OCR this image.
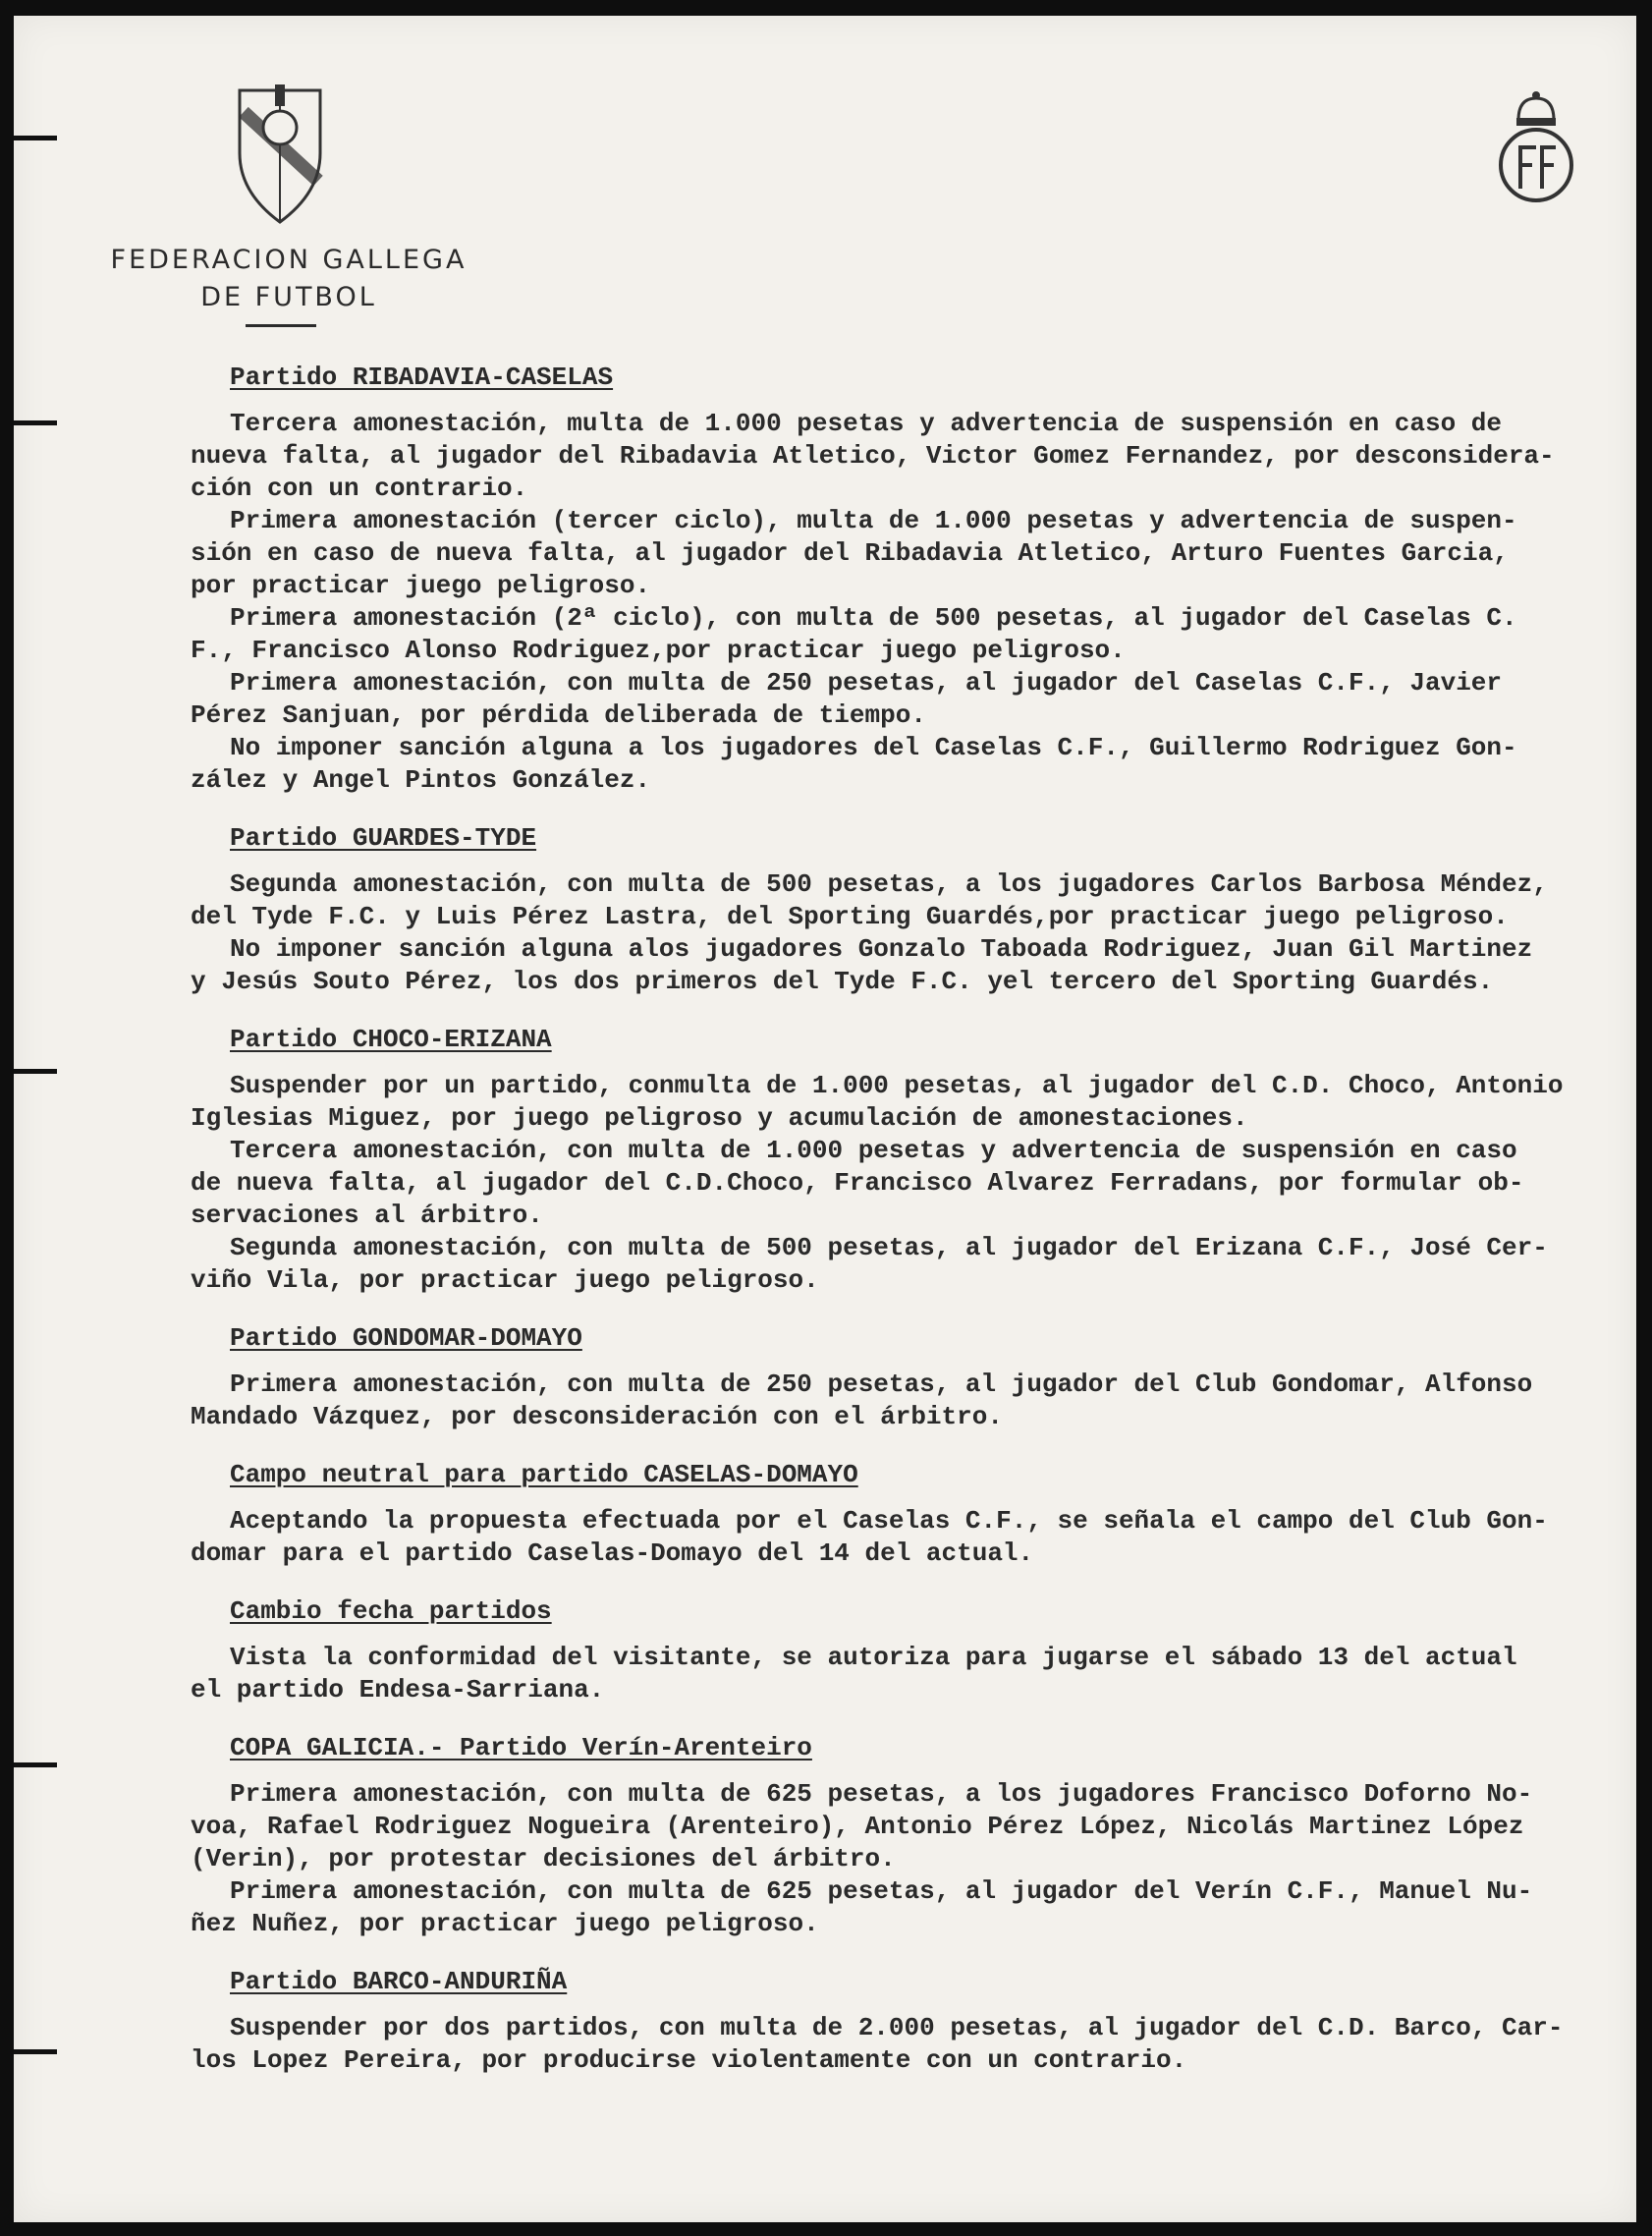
FEDERACION GALLEGA
DE FUTBOL
Partido RIBADAVIA-CASELAS

Tercera amonestación, multa de 1.000 pesetas y advertencia de suspensión en caso de
nueva falta, al jugador del Ribadavia Atletico, Victor Gomez Fernandez, por desconsidera-
ción con un contrario.

Primera amonestación (tercer ciclo), multa de 1.000 pesetas y advertencia de suspen-
sión en caso de nueva falta, al jugador del Ribadavia Atletico, Arturo Fuentes Garcia,
por practicar juego peligroso.

Primera amonestación (2ª ciclo), con multa de 500 pesetas, al jugador del Caselas C.
F., Francisco Alonso Rodriguez,por practicar juego peligroso.

Primera amonestación, con multa de 250 pesetas, al jugador del Caselas C.F., Javier
Pérez Sanjuan, por pérdida deliberada de tiempo.

No imponer sanción alguna a los jugadores del Caselas C.F., Guillermo Rodriguez Gon-
zález y Angel Pintos González.

Partido GUARDES-TYDE

Segunda amonestación, con multa de 500 pesetas, a los jugadores Carlos Barbosa Méndez,
del Tyde F.C. y Luis Pérez Lastra, del Sporting Guardés,por practicar juego peligroso.

No imponer sanción alguna alos jugadores Gonzalo Taboada Rodriguez, Juan Gil Martinez
y Jesús Souto Pérez, los dos primeros del Tyde F.C. yel tercero del Sporting Guardés.

Partido CHOCO-ERIZANA

Suspender por un partido, conmulta de 1.000 pesetas, al jugador del C.D. Choco, Antonio
Iglesias Miguez, por juego peligroso y acumulación de amonestaciones.

Tercera amonestación, con multa de 1.000 pesetas y advertencia de suspensión en caso
de nueva falta, al jugador del C.D.Choco, Francisco Alvarez Ferradans, por formular ob-
servaciones al árbitro.

Segunda amonestación, con multa de 500 pesetas, al jugador del Erizana C.F., José Cer-
viño Vila, por practicar juego peligroso.

Partido GONDOMAR-DOMAYO

Primera amonestación, con multa de 250 pesetas, al jugador del Club Gondomar, Alfonso
Mandado Vázquez, por desconsideración con el árbitro.

Campo neutral para partido CASELAS-DOMAYO

Aceptando la propuesta efectuada por el Caselas C.F., se señala el campo del Club Gon-
domar para el partido Caselas-Domayo del 14 del actual.

Cambio fecha partidos

Vista la conformidad del visitante, se autoriza para jugarse el sábado 13 del actual
el partido Endesa-Sarriana.

COPA GALICIA.- Partido Verín-Arenteiro

Primera amonestación, con multa de 625 pesetas, a los jugadores Francisco Doforno No-
voa, Rafael Rodriguez Nogueira (Arenteiro), Antonio Pérez López, Nicolás Martinez López
(Verin), por protestar decisiones del árbitro.

Primera amonestación, con multa de 625 pesetas, al jugador del Verín C.F., Manuel Nu-
ñez Nuñez, por practicar juego peligroso.

Partido BARCO-ANDURIÑA

Suspender por dos partidos, con multa de 2.000 pesetas, al jugador del C.D. Barco, Car-
los Lopez Pereira, por producirse violentamente con un contrario.
